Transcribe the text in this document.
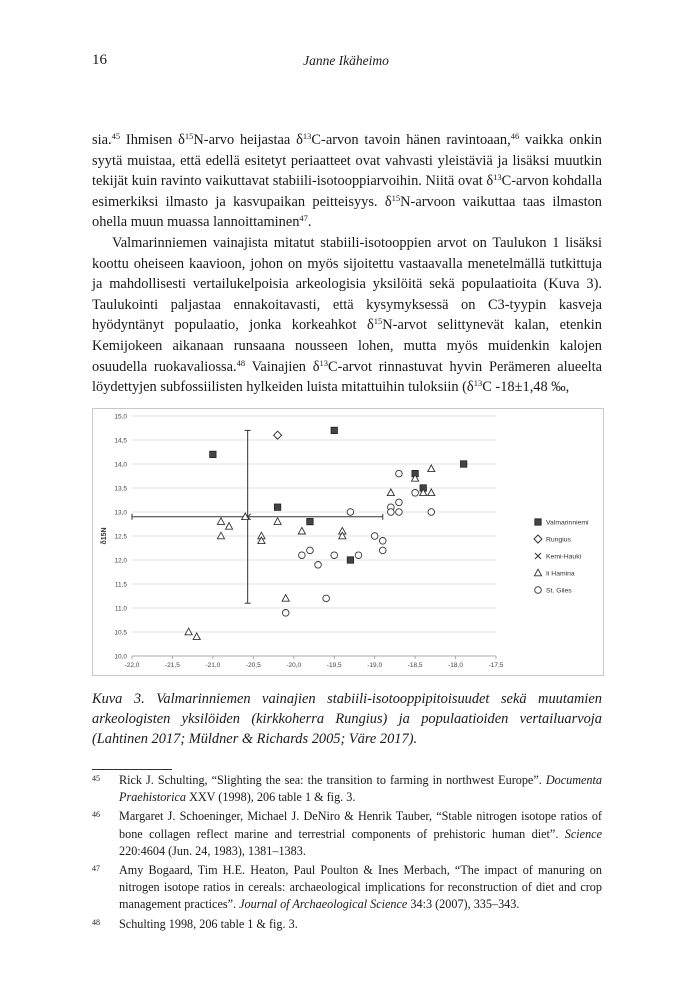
16	Janne Ikäheimo

sia.$^{45}$ Ihmisen $\delta^{15}N$-arvo heijastaa $\delta^{13}C$-arvon tavoin hänen ravintoaan,$^{46}$ vaikka onkin syytä muistaa, että edellä esitetyt periaatteet ovat vahvasti yleistäviä ja lisäksi muutkin tekijät kuin ravinto vaikuttavat stabiili-isotooppiarvoihin. Niitä ovat $\delta^{13}C$-arvon kohdalla esimerkiksi ilmasto ja kasvupaikan peitteisyys. $\delta^{15}N$-arvoon vaikuttaa taas ilmaston ohella muun muassa lannoittaminen$^{47}$.

Valmarinniemen vainajista mitatut stabiili-isotooppien arvot on Taulukon 1 lisäksi koottu oheiseen kaavioon, johon on myös sijoitettu vastaavalla menetelmällä tutkittuja ja mahdollisesti vertailukelpoisia arkeologisia yksilöitä sekä populaatioita (Kuva 3). Taulukointi paljastaa ennakoitavasti, että kysymyksessä on C3-tyypin kasveja hyödyntänyt populaatio, jonka korkeahkot $\delta^{15}N$-arvot selittynevät kalan, etenkin Kemijokeen aikanaan runsaana nousseen lohen, mutta myös muidenkin kalojen osuudella ruokavaliossa.$^{48}$ Vainajien $\delta^{13}C$-arvot rinnastuvat hyvin Perämeren alueelta löydettyjen subfossiilisten hylkeiden luista mitattuihin tuloksiin ($\delta^{13}C$ -18±1,48 ‰,

10,0
10,5
11,0
11,5
12,0
12,5
13,0
13,5
14,0
14,5
15,0
-22,0	-21,5	-21,0	-20,5	-20,0	-19,5	-19,0	-18,5	-18,0	-17,5
δ15N
Valmarinniemi
Rungius
Kemi-Hauki
Ii Hamina
St. Giles
Kuva 3. Valmarinniemen vainajien stabiili-isotooppipitoisuudet sekä muutamien arkeologisten yksilöiden (kirkkoherra Rungius) ja populaatioiden vertailuarvoja (Lahtinen 2017; Müldner & Richards 2005; Väre 2017).
45	Rick J. Schulting, “Slighting the sea: the transition to farming in northwest Europe”. Documenta Praehistorica XXV (1998), 206 table 1 & fig. 3.
46	Margaret J. Schoeninger, Michael J. DeNiro & Henrik Tauber, “Stable nitrogen isotope ratios of bone collagen reflect marine and terrestrial components of prehistoric human diet”. Science 220:4604 (Jun. 24, 1983), 1381–1383.
47	Amy Bogaard, Tim H.E. Heaton, Paul Poulton & Ines Merbach, “The impact of manuring on nitrogen isotope ratios in cereals: archaeological implications for reconstruction of diet and crop management practices”. Journal of Archaeological Science 34:3 (2007), 335–343.
48	Schulting 1998, 206 table 1 & fig. 3.
